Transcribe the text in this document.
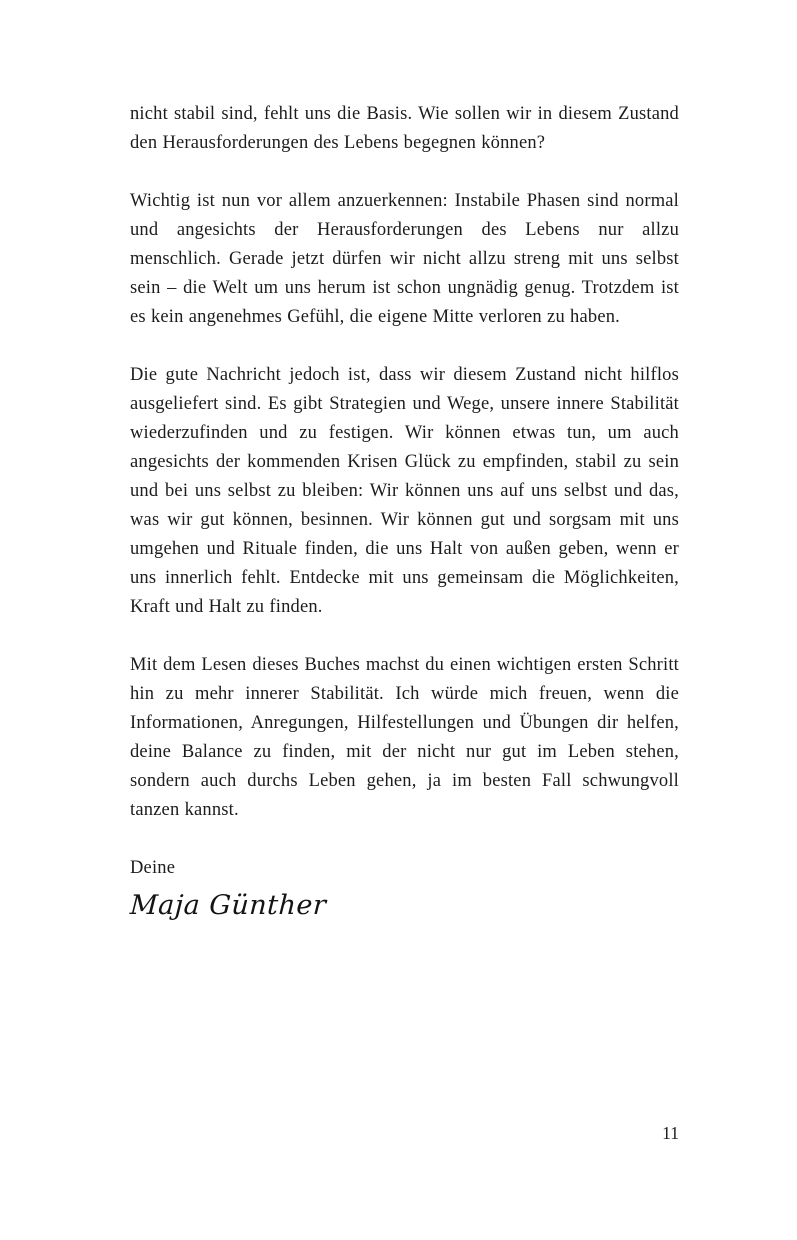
nicht stabil sind, fehlt uns die Basis. Wie sollen wir in diesem Zustand den Herausforderungen des Lebens begegnen können?

Wichtig ist nun vor allem anzuerkennen: Instabile Phasen sind normal und angesichts der Herausforderungen des Lebens nur allzu menschlich. Gerade jetzt dürfen wir nicht allzu streng mit uns selbst sein – die Welt um uns herum ist schon ungnädig genug. Trotzdem ist es kein angenehmes Gefühl, die eigene Mitte verloren zu haben.

Die gute Nachricht jedoch ist, dass wir diesem Zustand nicht hilflos ausgeliefert sind. Es gibt Strategien und Wege, unsere innere Stabilität wiederzufinden und zu festigen. Wir können etwas tun, um auch angesichts der kommenden Krisen Glück zu empfinden, stabil zu sein und bei uns selbst zu bleiben: Wir können uns auf uns selbst und das, was wir gut können, besinnen. Wir können gut und sorgsam mit uns umgehen und Rituale finden, die uns Halt von außen geben, wenn er uns innerlich fehlt. Entdecke mit uns gemeinsam die Möglichkeiten, Kraft und Halt zu finden.

Mit dem Lesen dieses Buches machst du einen wichtigen ersten Schritt hin zu mehr innerer Stabilität. Ich würde mich freuen, wenn die Informationen, Anregungen, Hilfestellungen und Übungen dir helfen, deine Balance zu finden, mit der nicht nur gut im Leben stehen, sondern auch durchs Leben gehen, ja im besten Fall schwungvoll tanzen kannst.

Deine

Maja Günther
11
